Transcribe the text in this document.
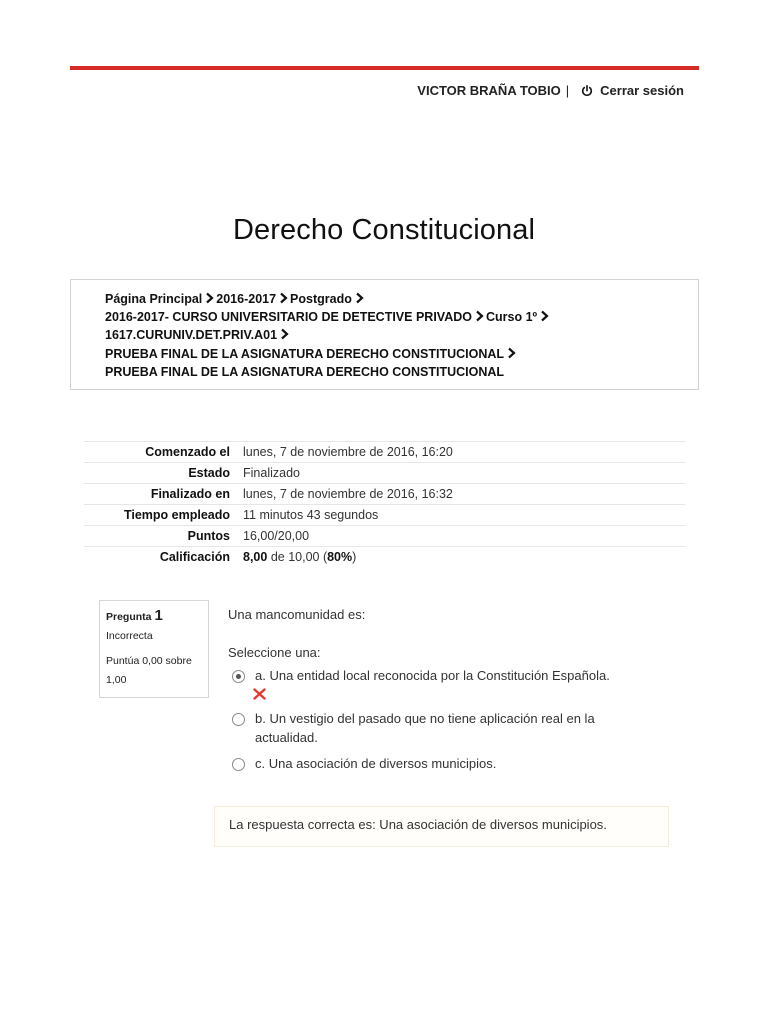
VICTOR BRAÑA TOBIO | Cerrar sesión
Derecho Constitucional
Página Principal 2016-2017 Postgrado
2016-2017- CURSO UNIVERSITARIO DE DETECTIVE PRIVADO Curso 1º
1617.CURUNIV.DET.PRIV.A01
PRUEBA FINAL DE LA ASIGNATURA DERECHO CONSTITUCIONAL
PRUEBA FINAL DE LA ASIGNATURA DERECHO CONSTITUCIONAL
Comenzado el	lunes, 7 de noviembre de 2016, 16:20
Estado	Finalizado
Finalizado en	lunes, 7 de noviembre de 2016, 16:32
Tiempo empleado	11 minutos 43 segundos
Puntos	16,00/20,00
Calificación	8,00 de 10,00 (80%)
Pregunta 1
Incorrecta
Puntúa 0,00 sobre 1,00
Una mancomunidad es:
Seleccione una:
a. Una entidad local reconocida por la Constitución Española.
b. Un vestigio del pasado que no tiene aplicación real en la actualidad.
c. Una asociación de diversos municipios.
La respuesta correcta es: Una asociación de diversos municipios.
